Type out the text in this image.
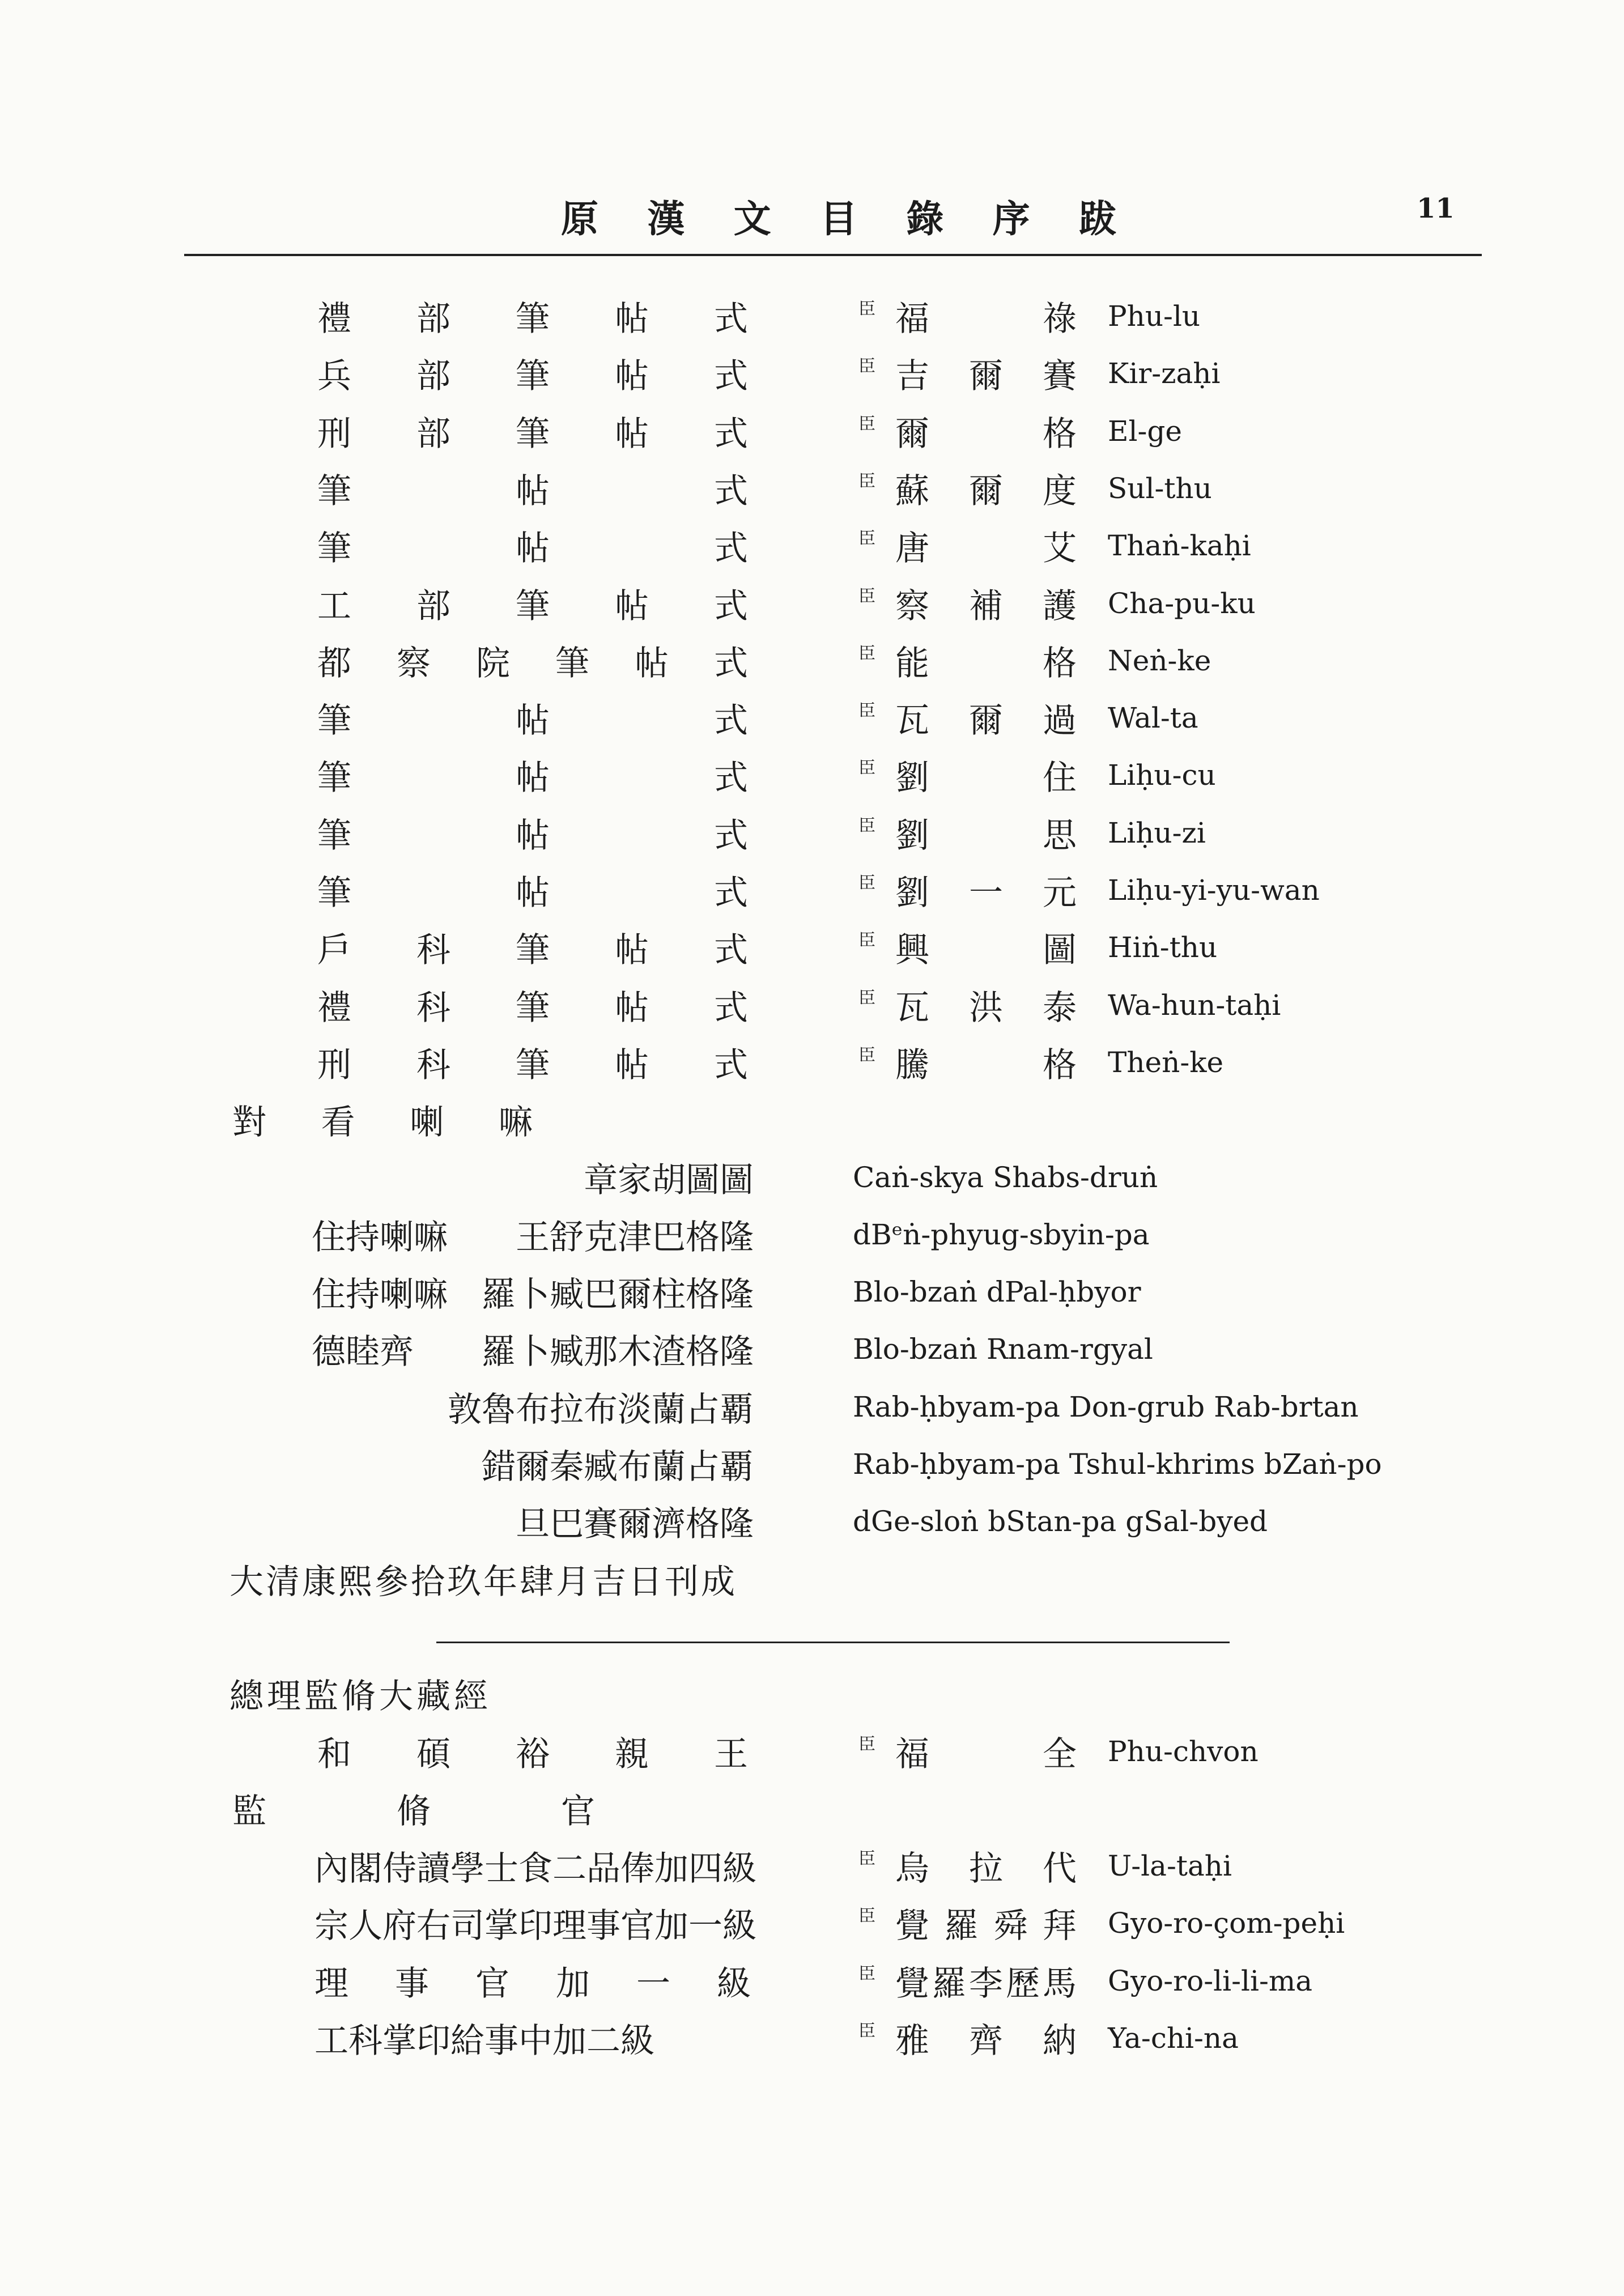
原 漢 文 目 錄 序 跋	11
禮 部 筆 帖 式	臣 福	祿 Phu-lu
兵 部 筆 帖 式	臣 吉 爾 賽 Kir-zaḥi
刑 部 筆 帖 式	臣 爾	格 El-ge
筆	帖	式	臣 蘇 爾 度 Sul-thu
筆	帖	式	臣 唐	艾 Thaṅ-kaḥi
工 部 筆 帖 式	臣 察 補 護 Cha-pu-ku
都 察 院 筆 帖 式	臣 能	格 Neṅ-ke
筆	帖	式	臣 瓦 爾 過 Wal-ta
筆	帖	式	臣 劉	住 Liḥu-cu
筆	帖	式	臣 劉	思 Liḥu-zi
筆	帖	式	臣 劉 一 元 Liḥu-yi-yu-wan
戶 科 筆 帖 式	臣 興	圖 Hiṅ-thu
禮 科 筆 帖 式	臣 瓦 洪 泰 Wa-hun-taḥi
刑 科 筆 帖 式	臣 騰	格 Theṅ-ke
對 看 喇 嘛
章家胡圖圖	Caṅ-skya Shabs-druṅ
住持喇嘛	王舒克津巴格隆	dBᵉṅ-phyug-sbyin-pa
住持喇嘛	羅卜臧巴爾柱格隆	Blo-bzaṅ dPal-ḥbyor
德睦齊	羅卜臧那木渣格隆	Blo-bzaṅ Rnam-rgyal
敦魯布拉布淡蘭占覇	Rab-ḥbyam-pa Don-grub Rab-brtan
錯爾秦臧布蘭占覇	Rab-ḥbyam-pa Tshul-khrims bZaṅ-po
旦巴賽爾濟格隆	dGe-sloṅ bStan-pa gSal-byed
大清康熙參拾玖年肆月吉日刊成
總理監脩大藏經
和 碩 裕 親 王	臣 福	全 Phu-chvon
監	脩	官
內閣侍讀學士食二品俸加四級	臣 烏 拉 代 U-la-taḥi
宗人府右司掌印理事官加一級	臣 覺 羅 舜 拜 Gyo-ro-çom-peḥi
理 事 官 加 一 級	臣 覺 羅 李 歷 馬 Gyo-ro-li-li-ma
工科掌印給事中加二級	臣 雅 齊 納 Ya-chi-na
